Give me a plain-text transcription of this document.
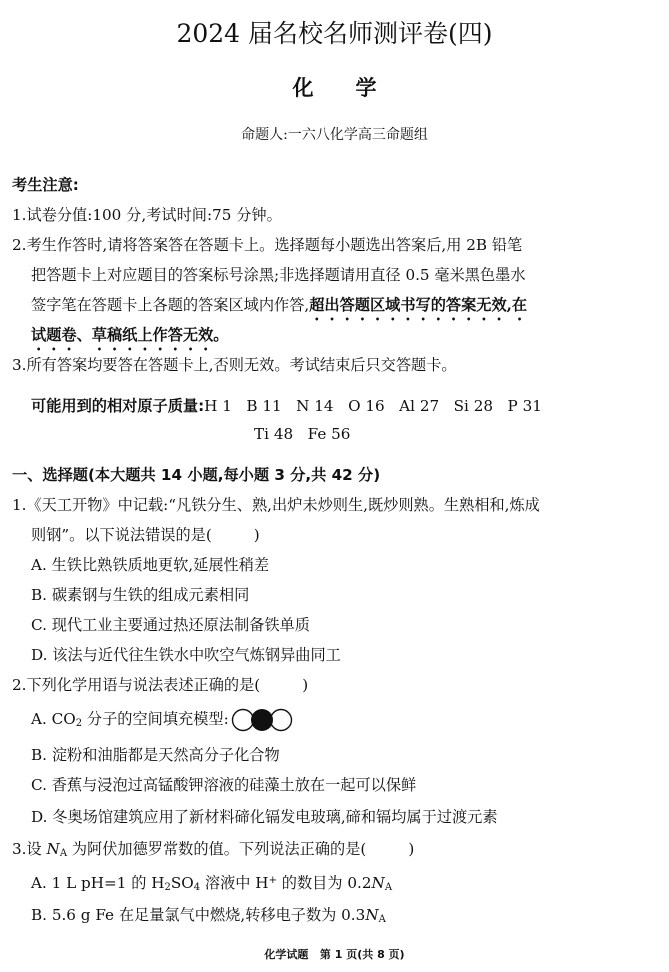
2024 届名校名师测评卷(四)
化学
命题人:一六八化学高三命题组
考生注意:
1.试卷分值:100 分,考试时间:75 分钟。
2.考生作答时,请将答案答在答题卡上。选择题每小题选出答案后,用 2B 铅笔
把答题卡上对应题目的答案标号涂黑;非选择题请用直径 0.5 毫米黑色墨水
签字笔在答题卡上各题的答案区域内作答,超出答题区域书写的答案无效,在
试题卷、草稿纸上作答无效。
3.所有答案均要答在答题卡上,否则无效。考试结束后只交答题卡。
可能用到的相对原子质量:H 1   B 11   N 14   O 16   Al 27   Si 28   P 31
Ti 48   Fe 56
一、选择题(本大题共 14 小题,每小题 3 分,共 42 分)
1.《天工开物》中记载:“凡铁分生、熟,出炉未炒则生,既炒则熟。生熟相和,炼成
则钢”。以下说法错误的是(	)
A. 生铁比熟铁质地更软,延展性稍差
B. 碳素钢与生铁的组成元素相同
C. 现代工业主要通过热还原法制备铁单质
D. 该法与近代往生铁水中吹空气炼钢异曲同工
2.下列化学用语与说法表述正确的是(	)
A. $CO_2$ 分子的空间填充模型:
B. 淀粉和油脂都是天然高分子化合物
C. 香蕉与浸泡过高锰酸钾溶液的硅藻土放在一起可以保鲜
D. 冬奥场馆建筑应用了新材料碲化镉发电玻璃,碲和镉均属于过渡元素
3.设 $N_A$ 为阿伏加德罗常数的值。下列说法正确的是(	)
A. 1 L pH=1 的 $H_2SO_4$ 溶液中 H+ 的数目为 $0.2N_A$
B. 5.6 g Fe 在足量氯气中燃烧,转移电子数为 $0.3N_A$
化学试题   第 1 页(共 8 页)
